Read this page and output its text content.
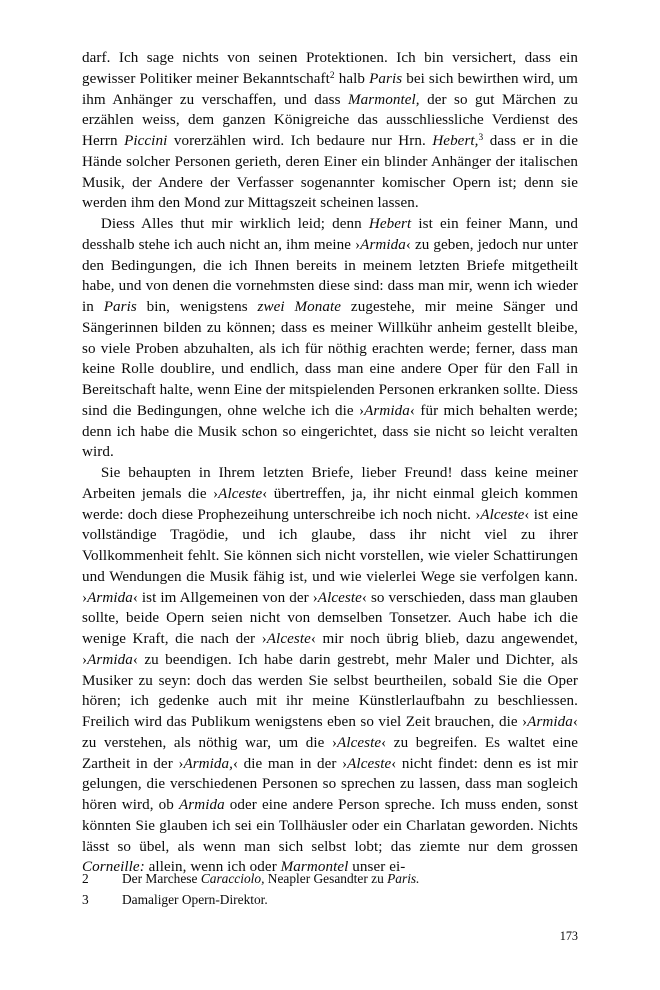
darf. Ich sage nichts von seinen Protektionen. Ich bin versichert, dass ein gewisser Politiker meiner Bekanntschaft$^2$ halb Paris bei sich bewirthen wird, um ihm Anhänger zu verschaffen, und dass Marmontel, der so gut Märchen zu erzählen weiss, dem ganzen Königreiche das ausschliessliche Verdienst des Herrn Piccini vorerzählen wird. Ich bedaure nur Hrn. Hebert,$^3$ dass er in die Hände solcher Personen gerieth, deren Einer ein blinder Anhänger der italischen Musik, der Andere der Verfasser sogenannter komischer Opern ist; denn sie werden ihm den Mond zur Mittagszeit scheinen lassen.

Diess Alles thut mir wirklich leid; denn Hebert ist ein feiner Mann, und desshalb stehe ich auch nicht an, ihm meine ›Armida‹ zu geben, jedoch nur unter den Bedingungen, die ich Ihnen bereits in meinem letzten Briefe mitgetheilt habe, und von denen die vornehmsten diese sind: dass man mir, wenn ich wieder in Paris bin, wenigstens zwei Monate zugestehe, mir meine Sänger und Sängerinnen bilden zu können; dass es meiner Willkühr anheim gestellt bleibe, so viele Proben abzuhalten, als ich für nöthig erachten werde; ferner, dass man keine Rolle doublire, und endlich, dass man eine andere Oper für den Fall in Bereitschaft halte, wenn Eine der mitspielenden Personen erkranken sollte. Diess sind die Bedingungen, ohne welche ich die ›Armida‹ für mich behalten werde; denn ich habe die Musik schon so eingerichtet, dass sie nicht so leicht veralten wird.

Sie behaupten in Ihrem letzten Briefe, lieber Freund! dass keine meiner Arbeiten jemals die ›Alceste‹ übertreffen, ja, ihr nicht einmal gleich kommen werde: doch diese Prophezeihung unterschreibe ich noch nicht. ›Alceste‹ ist eine vollständige Tragödie, und ich glaube, dass ihr nicht viel zu ihrer Vollkommenheit fehlt. Sie können sich nicht vorstellen, wie vieler Schattirungen und Wendungen die Musik fähig ist, und wie vielerlei Wege sie verfolgen kann. ›Armida‹ ist im Allgemeinen von der ›Alceste‹ so verschieden, dass man glauben sollte, beide Opern seien nicht von demselben Tonsetzer. Auch habe ich die wenige Kraft, die nach der ›Alceste‹ mir noch übrig blieb, dazu angewendet, ›Armida‹ zu beendigen. Ich habe darin gestrebt, mehr Maler und Dichter, als Musiker zu seyn: doch das werden Sie selbst beurtheilen, sobald Sie die Oper hören; ich gedenke auch mit ihr meine Künstlerlaufbahn zu beschliessen. Freilich wird das Publikum wenigstens eben so viel Zeit brauchen, die ›Armida‹ zu verstehen, als nöthig war, um die ›Alceste‹ zu begreifen. Es waltet eine Zartheit in der ›Armida,‹ die man in der ›Alceste‹ nicht findet: denn es ist mir gelungen, die verschiedenen Personen so sprechen zu lassen, dass man sogleich hören wird, ob Armida oder eine andere Person spreche. Ich muss enden, sonst könnten Sie glauben ich sei ein Tollhäusler oder ein Charlatan geworden. Nichts lässt so übel, als wenn man sich selbst lobt; das ziemte nur dem grossen Corneille: allein, wenn ich oder Marmontel unser ei-

2	Der Marchese Caracciolo, Neapler Gesandter zu Paris.
3	Damaliger Opern-Direktor.
173
